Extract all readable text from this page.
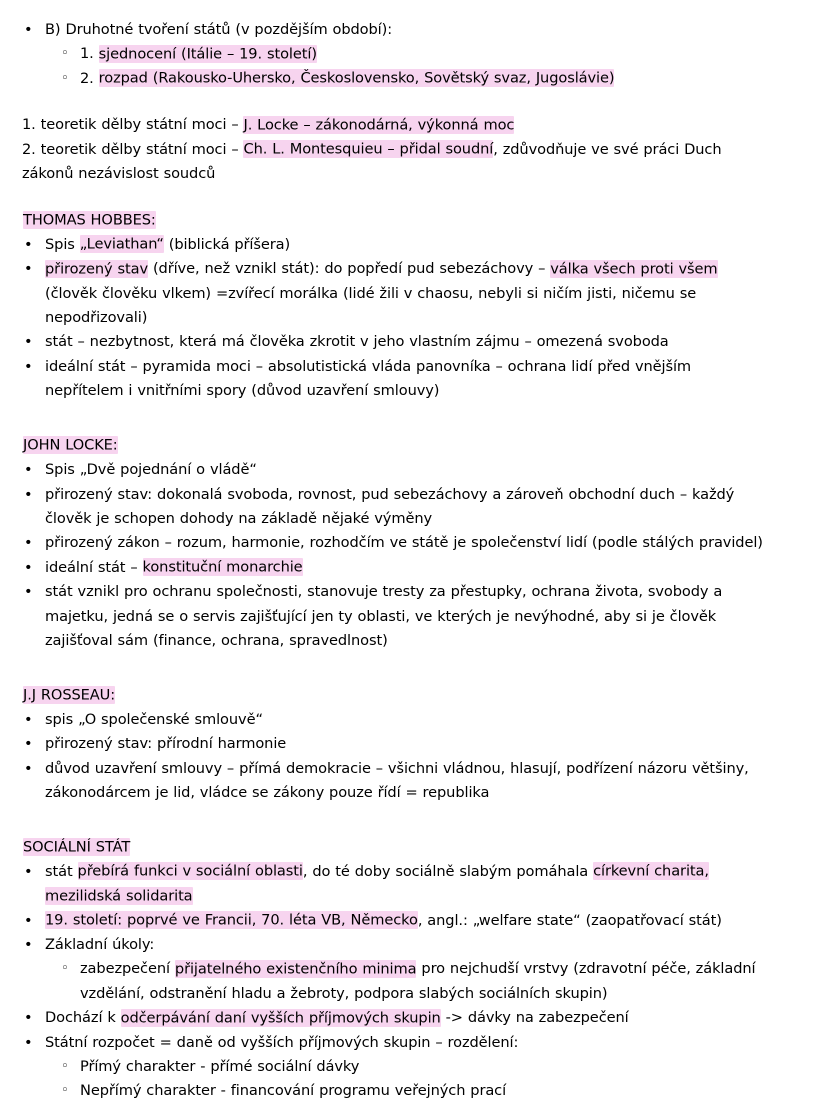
• B) Druhotné tvoření států (v pozdějším období):
◦ 1. sjednocení (Itálie – 19. století)
◦ 2. rozpad (Rakousko-Uhersko, Československo, Sovětský svaz, Jugoslávie)
1. teoretik dělby státní moci – J. Locke – zákonodárná, výkonná moc
2. teoretik dělby státní moci – Ch. L. Montesquieu – přidal soudní, zdůvodňuje ve své práci Duch zákonů nezávislost soudců
THOMAS HOBBES:
• Spis „Leviathan“ (biblická příšera)
• přirozený stav (dříve, než vznikl stát): do popředí pud sebezáchovy – válka všech proti všem (člověk člověku vlkem) =zvířecí morálka (lidé žili v chaosu, nebyli si ničím jisti, ničemu se nepodřizovali)
• stát – nezbytnost, která má člověka zkrotit v jeho vlastním zájmu – omezená svoboda
• ideální stát – pyramida moci – absolutistická vláda panovníka – ochrana lidí před vnějším nepřítelem i vnitřními spory (důvod uzavření smlouvy)
JOHN LOCKE:
• Spis „Dvě pojednání o vládě“
• přirozený stav: dokonalá svoboda, rovnost, pud sebezáchovy a zároveň obchodní duch – každý člověk je schopen dohody na základě nějaké výměny
• přirozený zákon – rozum, harmonie, rozhodčím ve státě je společenství lidí (podle stálých pravidel)
• ideální stát – konstituční monarchie
• stát vznikl pro ochranu společnosti, stanovuje tresty za přestupky, ochrana života, svobody a majetku, jedná se o servis zajišťující jen ty oblasti, ve kterých je nevýhodné, aby si je člověk zajišťoval sám (finance, ochrana, spravedlnost)
J.J ROSSEAU:
• spis „O společenské smlouvě“
• přirozený stav: přírodní harmonie
• důvod uzavření smlouvy – přímá demokracie – všichni vládnou, hlasují, podřízení názoru většiny, zákonodárcem je lid, vládce se zákony pouze řídí = republika
SOCIÁLNÍ STÁT
• stát přebírá funkci v sociální oblasti, do té doby sociálně slabým pomáhala církevní charita, mezilidská solidarita
• 19. století: poprvé ve Francii, 70. léta VB, Německo, angl.: „welfare state“ (zaopatřovací stát)
• Základní úkoly:
◦ zabezpečení přijatelného existenčního minima pro nejchudší vrstvy (zdravotní péče, základní vzdělání, odstranění hladu a žebroty, podpora slabých sociálních skupin)
• Dochází k odčerpávání daní vyšších příjmových skupin -> dávky na zabezpečení
• Státní rozpočet = daně od vyšších příjmových skupin – rozdělení:
◦ Přímý charakter - přímé sociální dávky
◦ Nepřímý charakter - financování programu veřejných prací
